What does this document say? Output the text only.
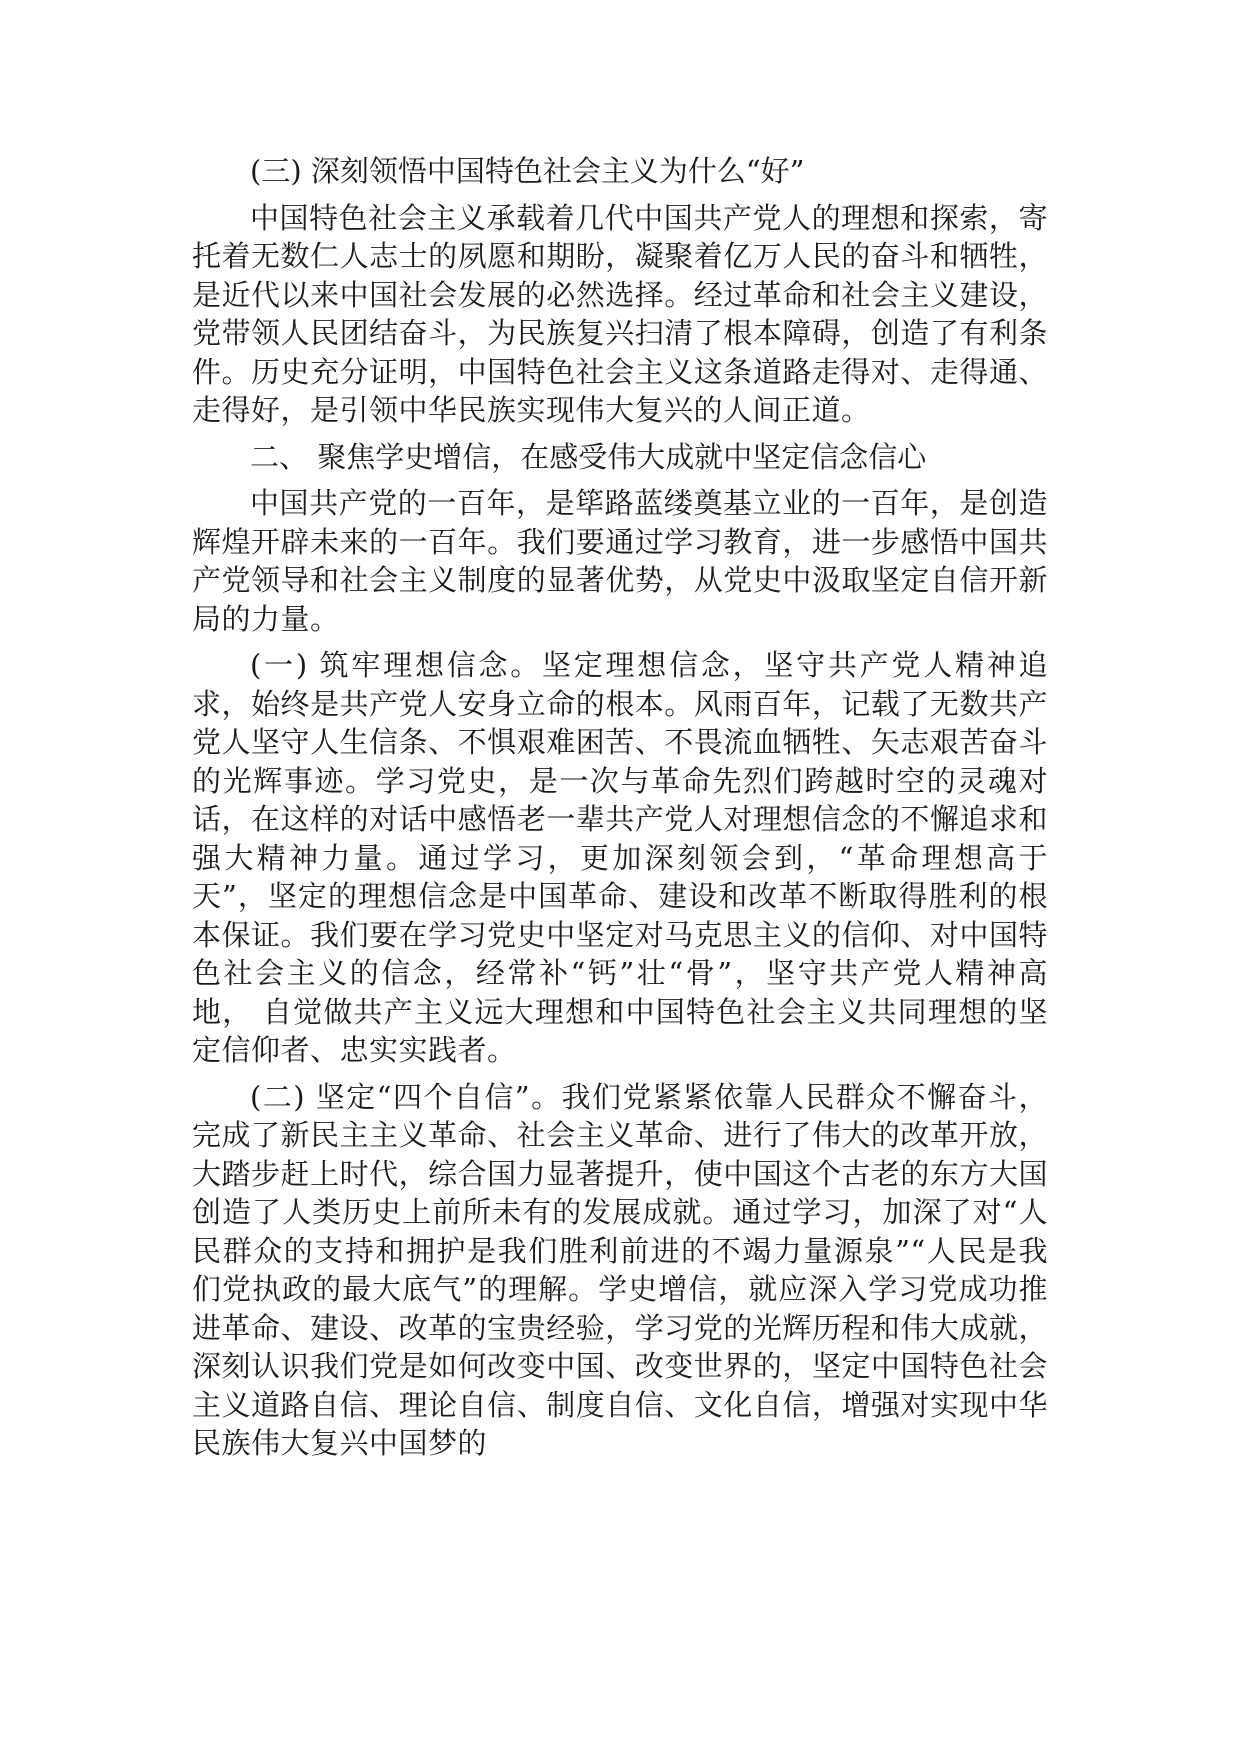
(三) 深刻领悟中国特色社会主义为什么“好”

中国特色社会主义承载着几代中国共产党人的理想和探索，寄托着无数仁人志士的夙愿和期盼，凝聚着亿万人民的奋斗和牺牲，是近代以来中国社会发展的必然选择。经过革命和社会主义建设，党带领人民团结奋斗，为民族复兴扫清了根本障碍，创造了有利条件。历史充分证明，中国特色社会主义这条道路走得对、走得通、走得好，是引领中华民族实现伟大复兴的人间正道。

二、 聚焦学史增信，在感受伟大成就中坚定信念信心

中国共产党的一百年，是筚路蓝缕奠基立业的一百年，是创造辉煌开辟未来的一百年。我们要通过学习教育，进一步感悟中国共产党领导和社会主义制度的显著优势，从党史中汲取坚定自信开新局的力量。

(一) 筑牢理想信念。坚定理想信念，坚守共产党人精神追求，始终是共产党人安身立命的根本。风雨百年，记载了无数共产党人坚守人生信条、不惧艰难困苦、不畏流血牺牲、矢志艰苦奋斗的光辉事迹。学习党史，是一次与革命先烈们跨越时空的灵魂对话，在这样的对话中感悟老一辈共产党人对理想信念的不懈追求和强大精神力量。通过学习，更加深刻领会到，“革命理想高于天”，坚定的理想信念是中国革命、建设和改革不断取得胜利的根本保证。我们要在学习党史中坚定对马克思主义的信仰、对中国特色社会主义的信念，经常补“钙”壮“骨”，坚守共产党人精神高地， 自觉做共产主义远大理想和中国特色社会主义共同理想的坚定信仰者、忠实实践者。

(二) 坚定“四个自信”。我们党紧紧依靠人民群众不懈奋斗，完成了新民主主义革命、社会主义革命、进行了伟大的改革开放，大踏步赶上时代，综合国力显著提升，使中国这个古老的东方大国创造了人类历史上前所未有的发展成就。通过学习，加深了对“人民群众的支持和拥护是我们胜利前进的不竭力量源泉”“人民是我们党执政的最大底气”的理解。学史增信，就应深入学习党成功推进革命、建设、改革的宝贵经验，学习党的光辉历程和伟大成就，深刻认识我们党是如何改变中国、改变世界的，坚定中国特色社会主义道路自信、理论自信、制度自信、文化自信，增强对实现中华民族伟大复兴中国梦的
